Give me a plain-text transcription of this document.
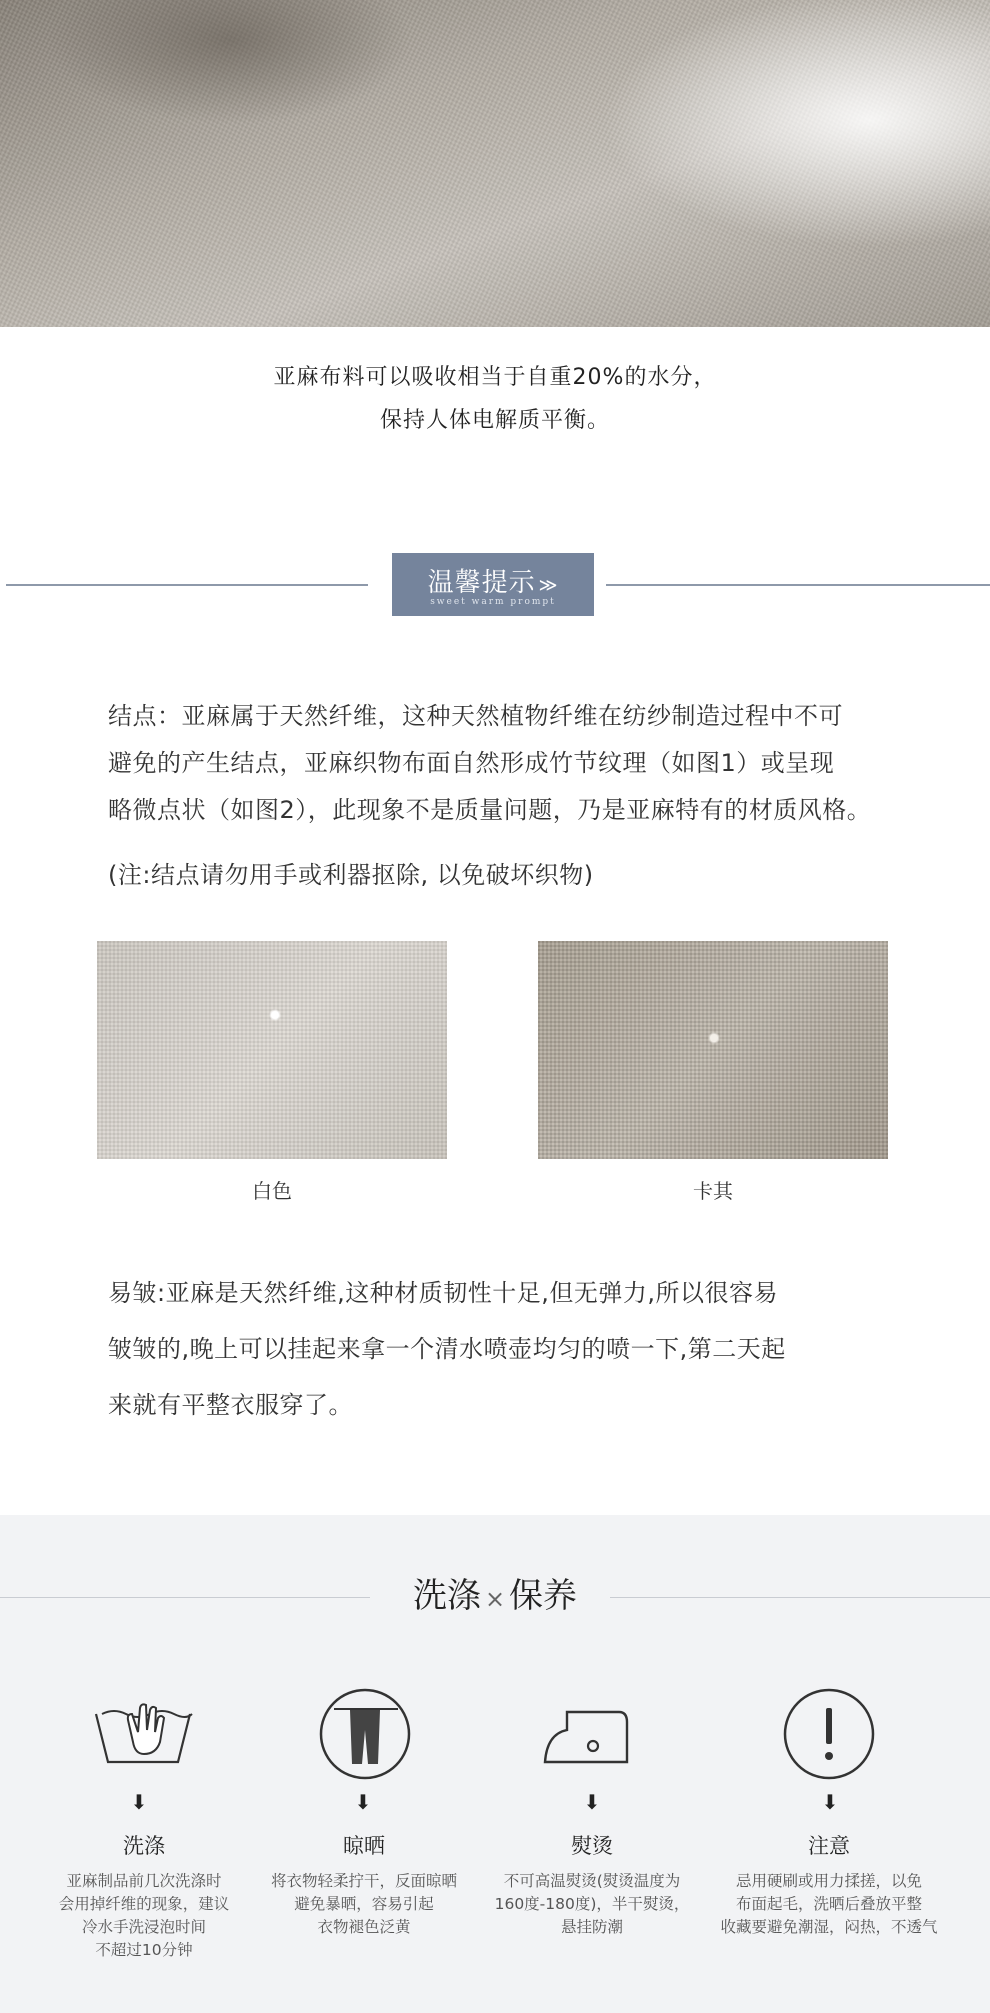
亚麻布料可以吸收相当于自重20%的水分，
保持人体电解质平衡。
温馨提示 ≫
sweet warm prompt
结点：亚麻属于天然纤维，这种天然植物纤维在纺纱制造过程中不可
避免的产生结点，亚麻织物布面自然形成竹节纹理（如图1）或呈现
略微点状（如图2），此现象不是质量问题，乃是亚麻特有的材质风格。
(注:结点请勿用手或利器抠除, 以免破坏织物)
白色	卡其
易皱:亚麻是天然纤维,这种材质韧性十足,但无弹力,所以很容易
皱皱的,晚上可以挂起来拿一个清水喷壶均匀的喷一下,第二天起
来就有平整衣服穿了。
洗涤 × 保养
⬇
洗涤
亚麻制品前几次洗涤时
会用掉纤维的现象，建议
冷水手洗浸泡时间
不超过10分钟
⬇
晾晒
将衣物轻柔拧干，反面晾晒
避免暴晒，容易引起
衣物褪色泛黄
⬇
熨烫
不可高温熨烫(熨烫温度为
160度-180度)，半干熨烫，
悬挂防潮
⬇
注意
忌用硬刷或用力揉搓，以免
布面起毛，洗晒后叠放平整
收藏要避免潮湿，闷热，不透气
